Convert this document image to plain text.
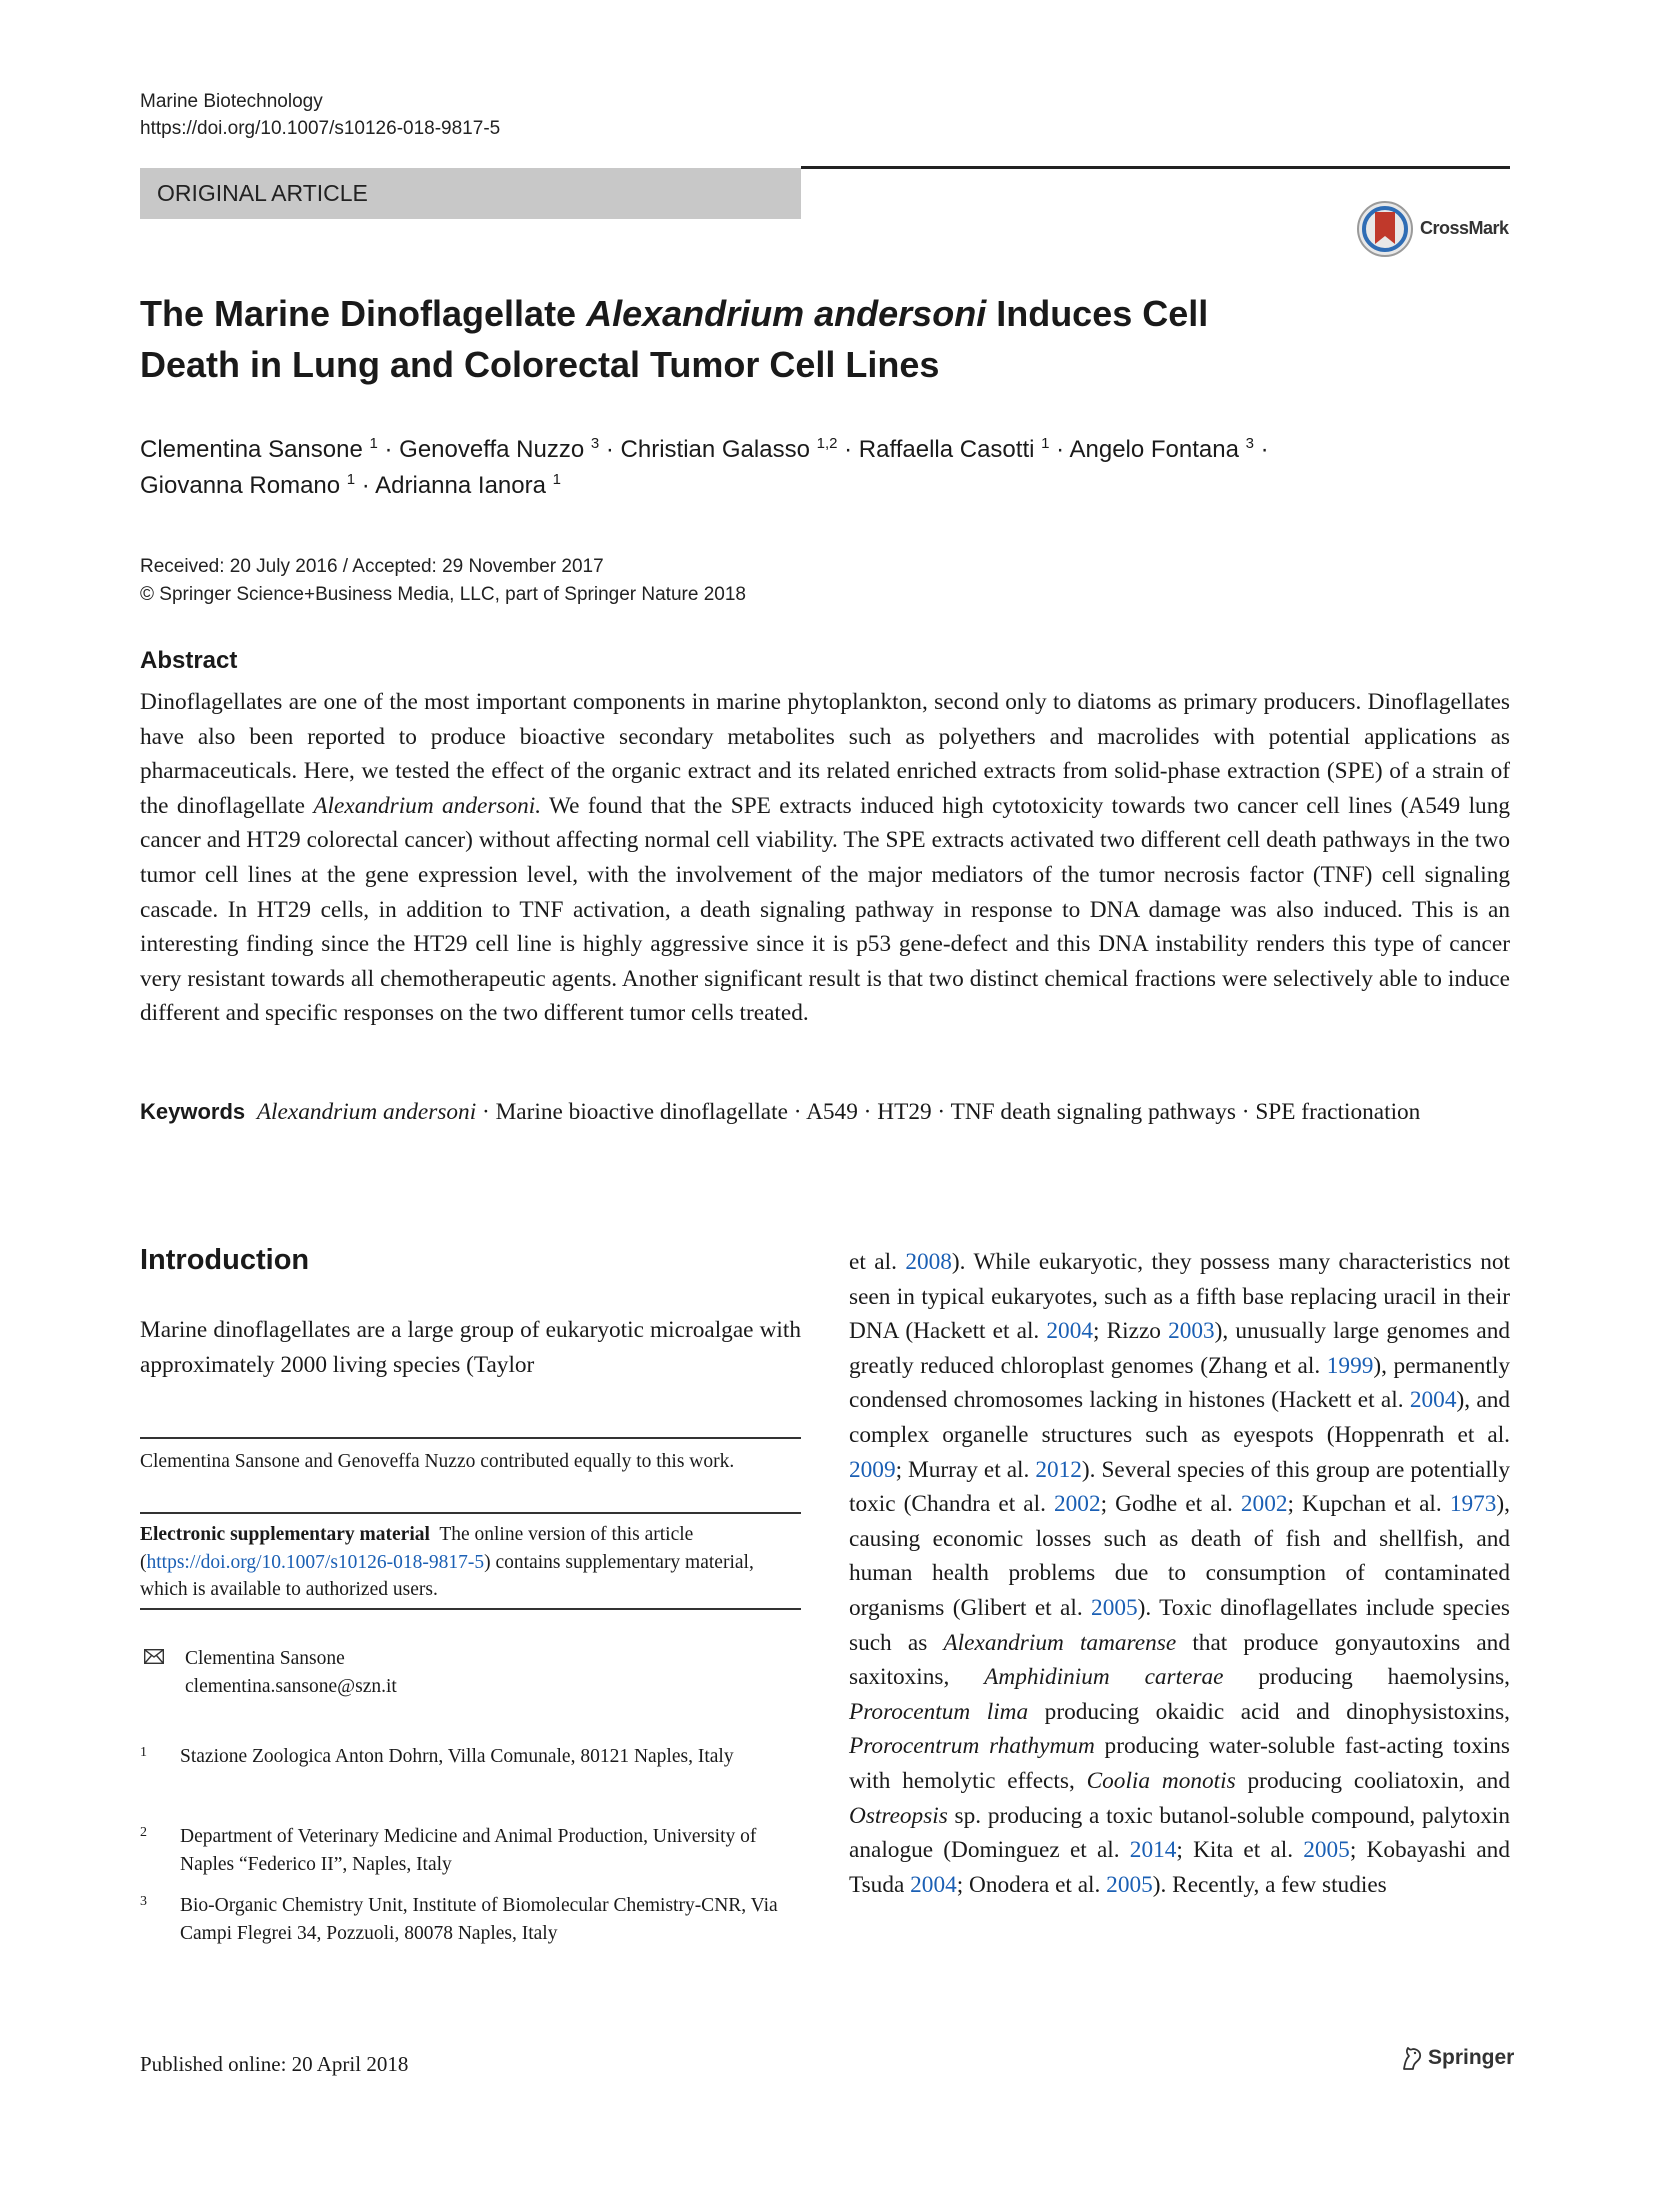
Marine Biotechnology
https://doi.org/10.1007/s10126-018-9817-5
ORIGINAL ARTICLE
CrossMark
The Marine Dinoflagellate Alexandrium andersoni Induces Cell
Death in Lung and Colorectal Tumor Cell Lines
Clementina Sansone $^1$ · Genoveffa Nuzzo $^3$ · Christian Galasso $^{1,2}$ · Raffaella Casotti $^1$ · Angelo Fontana $^3$ ·
Giovanna Romano $^1$ · Adrianna Ianora $^1$
Received: 20 July 2016 / Accepted: 29 November 2017
© Springer Science+Business Media, LLC, part of Springer Nature 2018
Abstract
Dinoflagellates are one of the most important components in marine phytoplankton, second only to diatoms as primary producers. Dinoflagellates have also been reported to produce bioactive secondary metabolites such as polyethers and macrolides with potential applications as pharmaceuticals. Here, we tested the effect of the organic extract and its related enriched extracts from solid-phase extraction (SPE) of a strain of the dinoflagellate Alexandrium andersoni. We found that the SPE extracts induced high cytotoxicity towards two cancer cell lines (A549 lung cancer and HT29 colorectal cancer) without affecting normal cell viability. The SPE extracts activated two different cell death pathways in the two tumor cell lines at the gene expression level, with the involvement of the major mediators of the tumor necrosis factor (TNF) cell signaling cascade. In HT29 cells, in addition to TNF activation, a death signaling pathway in response to DNA damage was also induced. This is an interesting finding since the HT29 cell line is highly aggressive since it is p53 gene-defect and this DNA instability renders this type of cancer very resistant towards all chemotherapeutic agents. Another significant result is that two distinct chemical fractions were selectively able to induce different and specific responses on the two different tumor cells treated.
Keywords Alexandrium andersoni · Marine bioactive dinoflagellate · A549 · HT29 · TNF death signaling pathways · SPE fractionation
Introduction
Marine dinoflagellates are a large group of eukaryotic microalgae with approximately 2000 living species (Taylor
et al. 2008). While eukaryotic, they possess many characteristics not seen in typical eukaryotes, such as a fifth base replacing uracil in their DNA (Hackett et al. 2004; Rizzo 2003), unusually large genomes and greatly reduced chloroplast genomes (Zhang et al. 1999), permanently condensed chromosomes lacking in histones (Hackett et al. 2004), and complex organelle structures such as eyespots (Hoppenrath et al. 2009; Murray et al. 2012). Several species of this group are potentially toxic (Chandra et al. 2002; Godhe et al. 2002; Kupchan et al. 1973), causing economic losses such as death of fish and shellfish, and human health problems due to consumption of contaminated organisms (Glibert et al. 2005). Toxic dinoflagellates include species such as Alexandrium tamarense that produce gonyautoxins and saxitoxins, Amphidinium carterae producing haemolysins, Prorocentum lima producing okaidic acid and dinophysistoxins, Prorocentrum rhathymum producing water-soluble fast-acting toxins with hemolytic effects, Coolia monotis producing cooliatoxin, and Ostreopsis sp. producing a toxic butanol-soluble compound, palytoxin analogue (Dominguez et al. 2014; Kita et al. 2005; Kobayashi and Tsuda 2004; Onodera et al. 2005). Recently, a few studies
Clementina Sansone and Genoveffa Nuzzo contributed equally to this work.
Electronic supplementary material The online version of this article (https://doi.org/10.1007/s10126-018-9817-5) contains supplementary material, which is available to authorized users.
Clementina Sansone
clementina.sansone@szn.it
1 Stazione Zoologica Anton Dohrn, Villa Comunale, 80121 Naples, Italy
2 Department of Veterinary Medicine and Animal Production, University of Naples “Federico II”, Naples, Italy
3 Bio-Organic Chemistry Unit, Institute of Biomolecular Chemistry-CNR, Via Campi Flegrei 34, Pozzuoli, 80078 Naples, Italy
Published online: 20 April 2018	Springer
